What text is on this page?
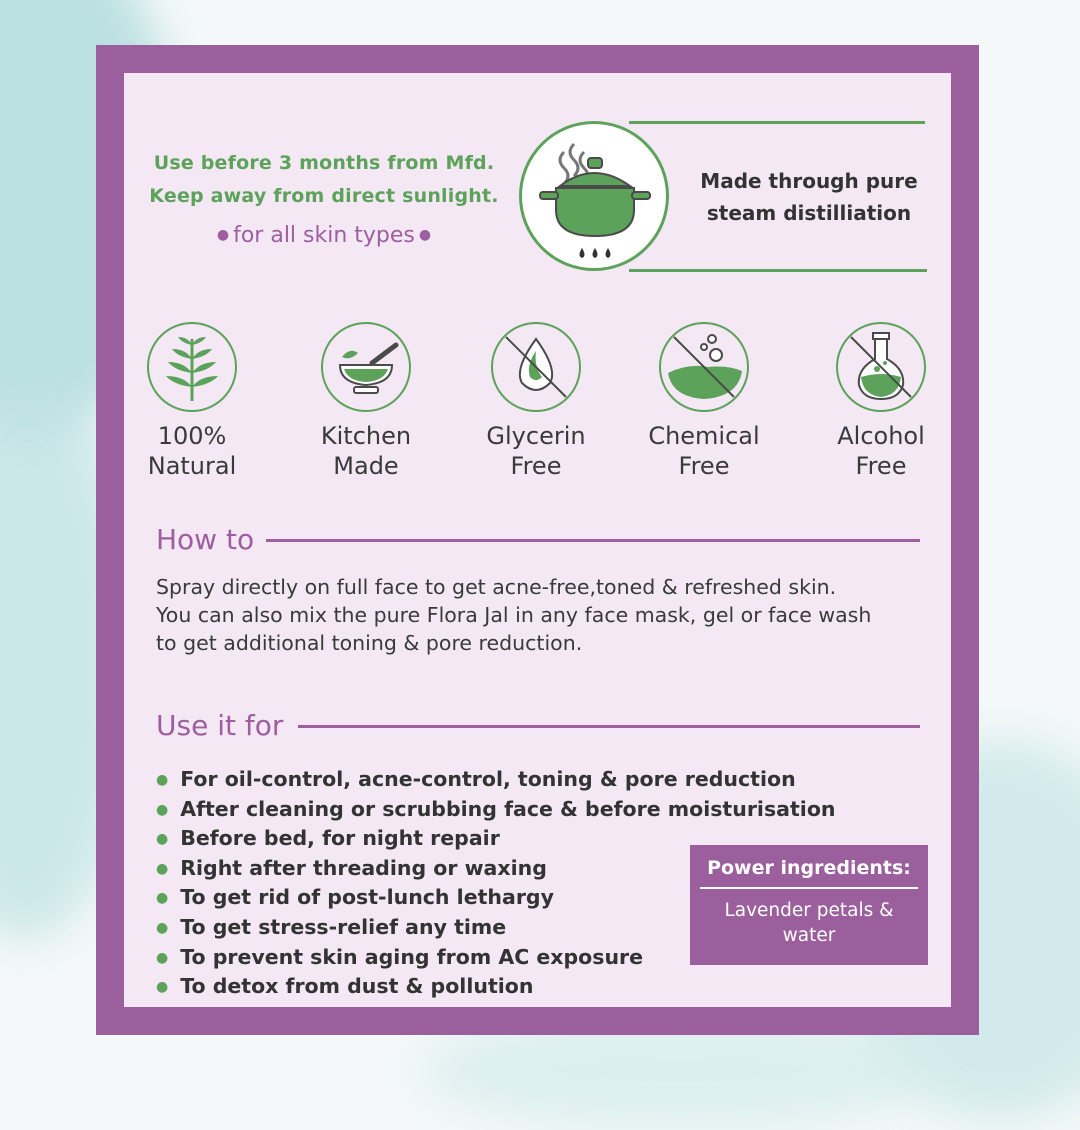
Use before 3 months from Mfd.
Keep away from direct sunlight.
● for all skin types ●
Made through pure
steam distilliation
100%
Natural
Kitchen
Made
Glycerin
Free
Chemical
Free
Alcohol
Free
How to
Spray directly on full face to get acne-free,toned & refreshed skin.
You can also mix the pure Flora Jal in any face mask, gel or face wash
to get additional toning & pore reduction.
Use it for
● For oil-control, acne-control, toning & pore reduction
● After cleaning or scrubbing face & before moisturisation
● Before bed, for night repair
● Right after threading or waxing
● To get rid of post-lunch lethargy
● To get stress-relief any time
● To prevent skin aging from AC exposure
● To detox from dust & pollution
Power ingredients:
Lavender petals &
water
